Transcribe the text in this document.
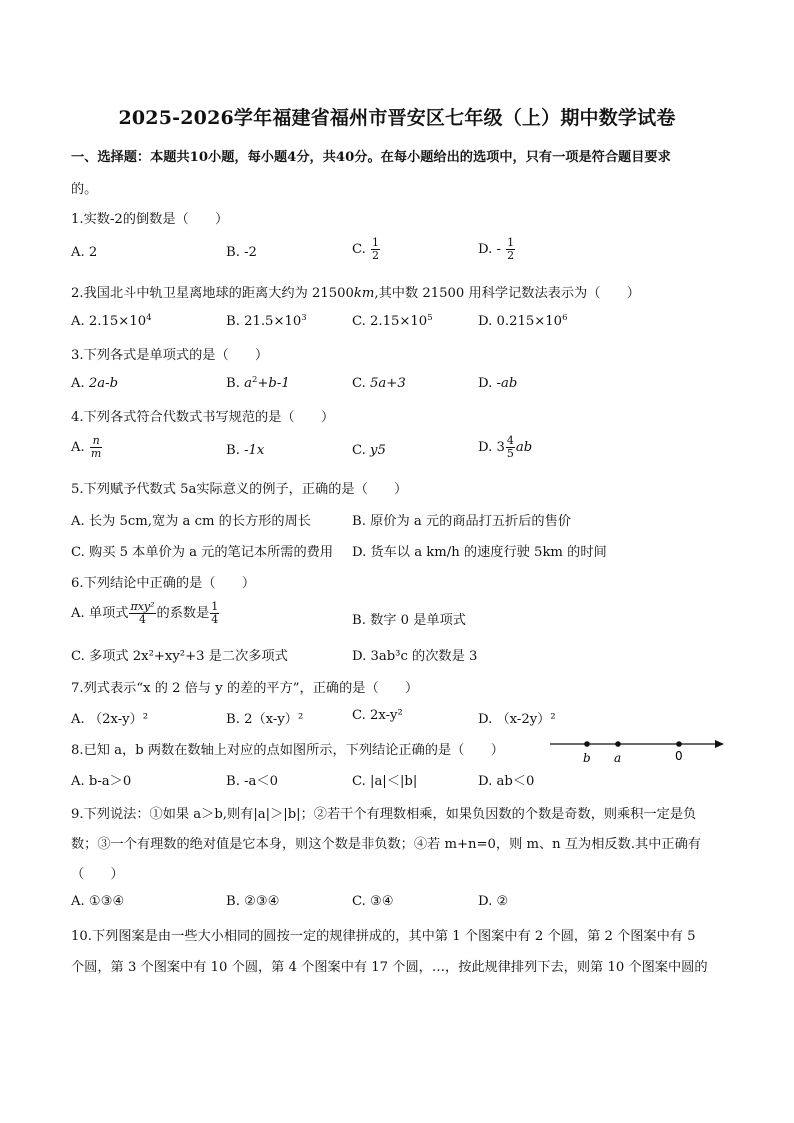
2025-2026学年福建省福州市晋安区七年级（上）期中数学试卷
一、选择题：本题共10小题，每小题4分，共40分。在每小题给出的选项中，只有一项是符合题目要求
的。
1.实数-2的倒数是（　　）
A. 2	B. -2	C. $\frac{1}{2}$	D. - $\frac{1}{2}$
2.我国北斗中轨卫星离地球的距离大约为 21500km,其中数 21500 用科学记数法表示为（　　）
A. $2.15\times 10^4$	B. $21.5\times 10^3$	C. $2.15\times 10^5$	D. $0.215\times 10^6$
3.下列各式是单项式的是（　　）
A. 2a-b	B. $a^2+b-1$	C. 5a+3	D. -ab
4.下列各式符合代数式书写规范的是（　　）
A. $\frac{n}{m}$	B. -1x	C. y5	D. $3 \frac{4}{5}$ ab
5.下列赋予代数式 5a实际意义的例子，正确的是（　　）
A. 长为 5cm,宽为 a cm 的长方形的周长	B. 原价为 a 元的商品打五折后的售价
C. 购买 5 本单价为 a 元的笔记本所需的费用 D. 货车以 a km/h 的速度行驶 5km 的时间
6.下列结论中正确的是（　　）
A. 单项式 $\frac{\text{πxy²}}{4}$ 的系数是 $\frac{1}{4}$	B. 数字 0 是单项式
C. 多项式 2x²+xy²+3 是二次多项式	D. 3ab³c 的次数是 3
7.列式表示“x 的 2 倍与 y 的差的平方”，正确的是（　　）
A. （2x-y）²	B. 2（x-y）²	C. 2x-y²	D. （x-2y）²
8.已知 a，b 两数在数轴上对应的点如图所示，下列结论正确的是（　　）	b a	0
A. b-a＞0	B. -a＜0	C. |a|＜|b|	D. ab＜0
9.下列说法：①如果 a＞b,则有|a|＞|b|；②若干个有理数相乘，如果负因数的个数是奇数，则乘积一定是负
数；③一个有理数的绝对值是它本身，则这个数是非负数；④若 m+n=0，则 m、n 互为相反数.其中正确有
（　　）
A. ①③④	B. ②③④	C. ③④	D. ②
10.下列图案是由一些大小相同的圆按一定的规律拼成的，其中第 1 个图案中有 2 个圆，第 2 个图案中有 5
个圆，第 3 个图案中有 10 个圆，第 4 个图案中有 17 个圆，…，按此规律排列下去，则第 10 个图案中圆的
